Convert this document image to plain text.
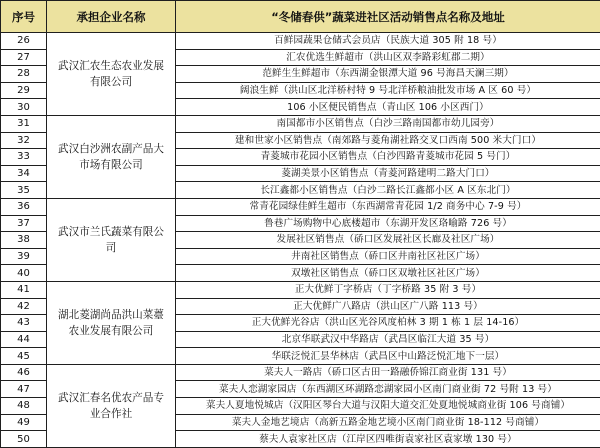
序号	承担企业名称	“冬储春供”蔬菜进社区活动销售点名称及地址
26	武汉汇农生态农业发展有限公司	百鲜园蔬果仓储式会员店（民族大道 305 附 18 号）
27		汇农优选生鲜超市（洪山区双李路彩虹郡二期）
28		范鲜生生鲜超市（东西湖金银潭大道 96 号海昌天澜三期）
29		阔浪生鲜（洪山区北洋桥村特 9 号北洋桥粮油批发市场 A 区 60 号）
30		106 小区便民销售点（青山区 106 小区西门）
31	武汉白沙洲农副产品大市场有限公司	南国都市小区销售点（白沙三路南国都市幼儿园旁）
32		建和世家小区销售点（南郊路与菱角湖社路交叉口西南 500 米大门口）
33		青菱城市花园小区销售点（白沙四路青菱城市花园 5 号门）
34		菱湖美景小区销售点（青菱河路建明二路大门口）
35		长江鑫都小区销售点（白沙二路长江鑫都小区 A 区东北门）
36	武汉市兰氏蔬菜有限公司	常青花园绿佳鲜生超市（东西湖常青花园 1/2 商务中心 7-9 号）
37		鲁巷广场购物中心底楼超市（东湖开发区珞喻路 726 号）
38		发展社区销售点（硚口区发展社区长廊及社区广场）
39		井南社区销售点（硚口区井南社区社区广场）
40		双墩社区销售点（硚口区双墩社区社区广场）
41	湖北菱湖尚品洪山菜薹农业发展有限公司	正大优鲜丁字桥店（丁字桥路 35 附 3 号）
42		正大优鲜广八路店（洪山区广八路 113 号）
43		正大优鲜光谷店（洪山区光谷风度柏林 3 期 1 栋 1 层 14-16）
44		北京华联武汉中华路店（武昌区临江大道 35 号）
45		华联泛悦汇昙华林店（武昌区中山路泛悦汇地下一层）
46	武汉汇春名优农产品专业合作社	菜夫人一路店（硚口区古田一路融侨锦江商业街 131 号）
47		菜夫人恋湖家园店（东西湖区环湖路恋湖家园小区南门商业街 72 号附 13 号）
48		菜夫人夏地悦城店（汉阳区琴台大道与汉阳大道交汇处夏地悦城商业街 106 号商铺）
49		菜夫人金地艺境店（高新五路金地艺境小区南门商业街 18-112 号商铺）
50		蔡夫人袁家社区店（江岸区四唯街袁家社区袁家墩 130 号）
